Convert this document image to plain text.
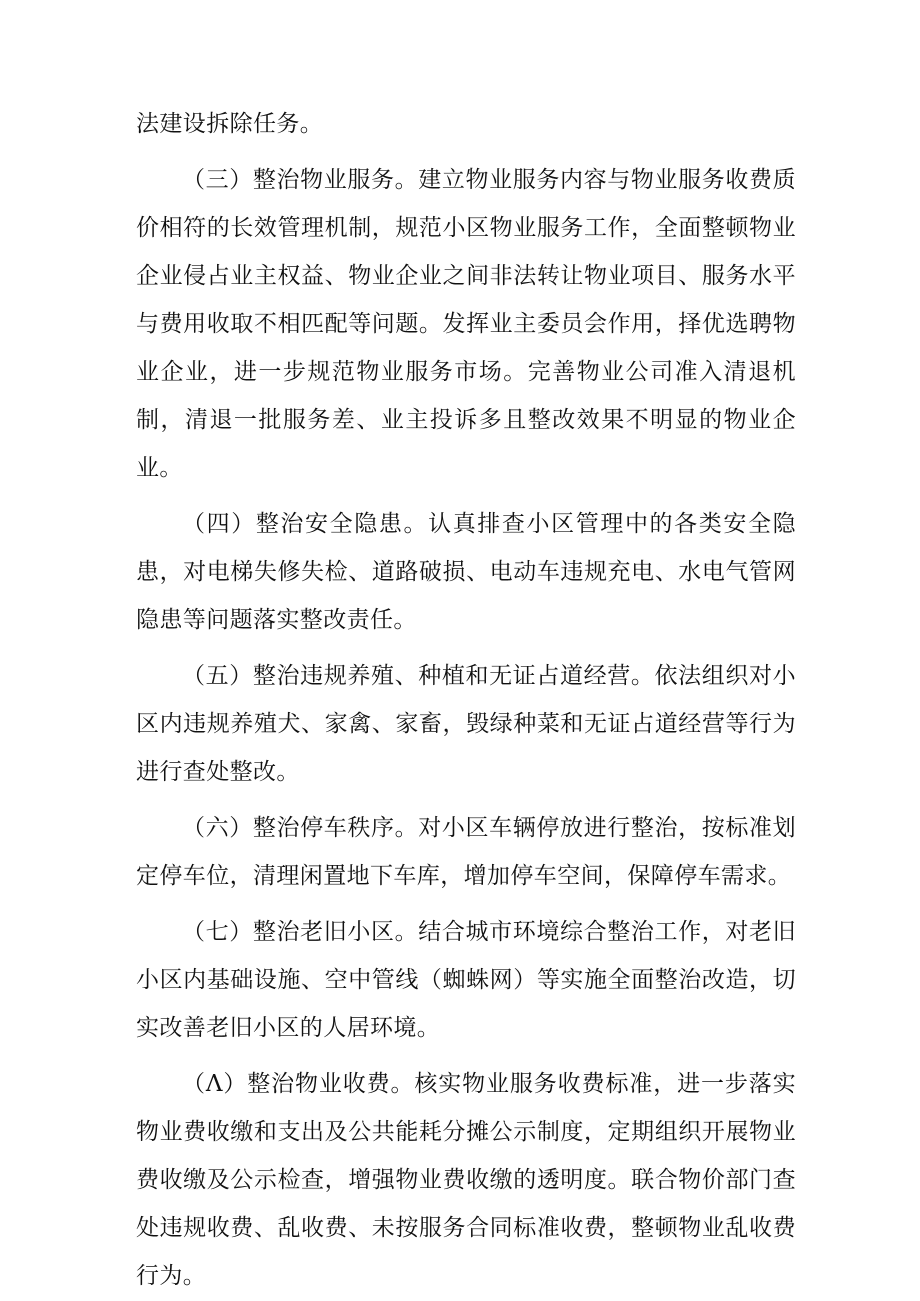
法建设拆除任务。

（三）整治物业服务。建立物业服务内容与物业服务收费质价相符的长效管理机制，规范小区物业服务工作，全面整顿物业企业侵占业主权益、物业企业之间非法转让物业项目、服务水平与费用收取不相匹配等问题。发挥业主委员会作用，择优选聘物业企业，进一步规范物业服务市场。完善物业公司准入清退机制，清退一批服务差、业主投诉多且整改效果不明显的物业企业。

（四）整治安全隐患。认真排查小区管理中的各类安全隐患，对电梯失修失检、道路破损、电动车违规充电、水电气管网隐患等问题落实整改责任。

（五）整治违规养殖、种植和无证占道经营。依法组织对小区内违规养殖犬、家禽、家畜，毁绿种菜和无证占道经营等行为进行查处整改。

（六）整治停车秩序。对小区车辆停放进行整治，按标准划定停车位，清理闲置地下车库，增加停车空间，保障停车需求。

（七）整治老旧小区。结合城市环境综合整治工作，对老旧小区内基础设施、空中管线（蜘蛛网）等实施全面整治改造，切实改善老旧小区的人居环境。

（Λ）整治物业收费。核实物业服务收费标准，进一步落实物业费收缴和支出及公共能耗分摊公示制度，定期组织开展物业费收缴及公示检查，增强物业费收缴的透明度。联合物价部门查处违规收费、乱收费、未按服务合同标准收费，整顿物业乱收费行为。
